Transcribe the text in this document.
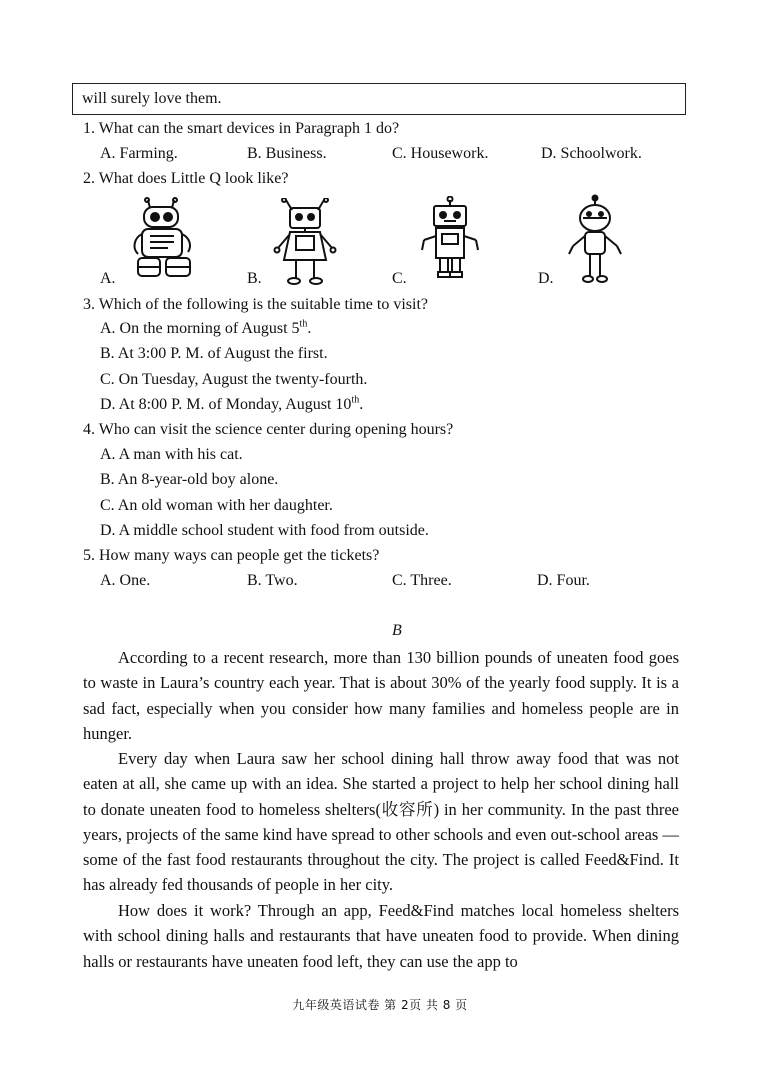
will surely love them.
1. What can the smart devices in Paragraph 1 do?
A. Farming.	B. Business.	C. Housework.	D. Schoolwork.
2. What does Little Q look like?
A.	B.	C.	D.
3. Which of the following is the suitable time to visit?
A. On the morning of August 5th.
B. At 3:00 P. M. of August the first.
C. On Tuesday, August the twenty-fourth.
D. At 8:00 P. M. of Monday, August 10th.
4. Who can visit the science center during opening hours?
A. A man with his cat.
B. An 8-year-old boy alone.
C. An old woman with her daughter.
D. A middle school student with food from outside.
5. How many ways can people get the tickets?
A. One.	B. Two.	C. Three.	D. Four.
B

According to a recent research, more than 130 billion pounds of uneaten food goes to waste in Laura’s country each year. That is about 30% of the yearly food supply. It is a sad fact, especially when you consider how many families and homeless people are in hunger.

Every day when Laura saw her school dining hall throw away food that was not eaten at all, she came up with an idea. She started a project to help her school dining hall to donate uneaten food to homeless shelters(收容所) in her community. In the past three years, projects of the same kind have spread to other schools and even out-school areas — some of the fast food restaurants throughout the city. The project is called Feed&Find. It has already fed thousands of people in her city.

How does it work? Through an app, Feed&Find matches local homeless shelters with school dining halls and restaurants that have uneaten food to provide. When dining halls or restaurants have uneaten food left, they can use the app to

九年级英语试卷 第 2页 共 8 页
